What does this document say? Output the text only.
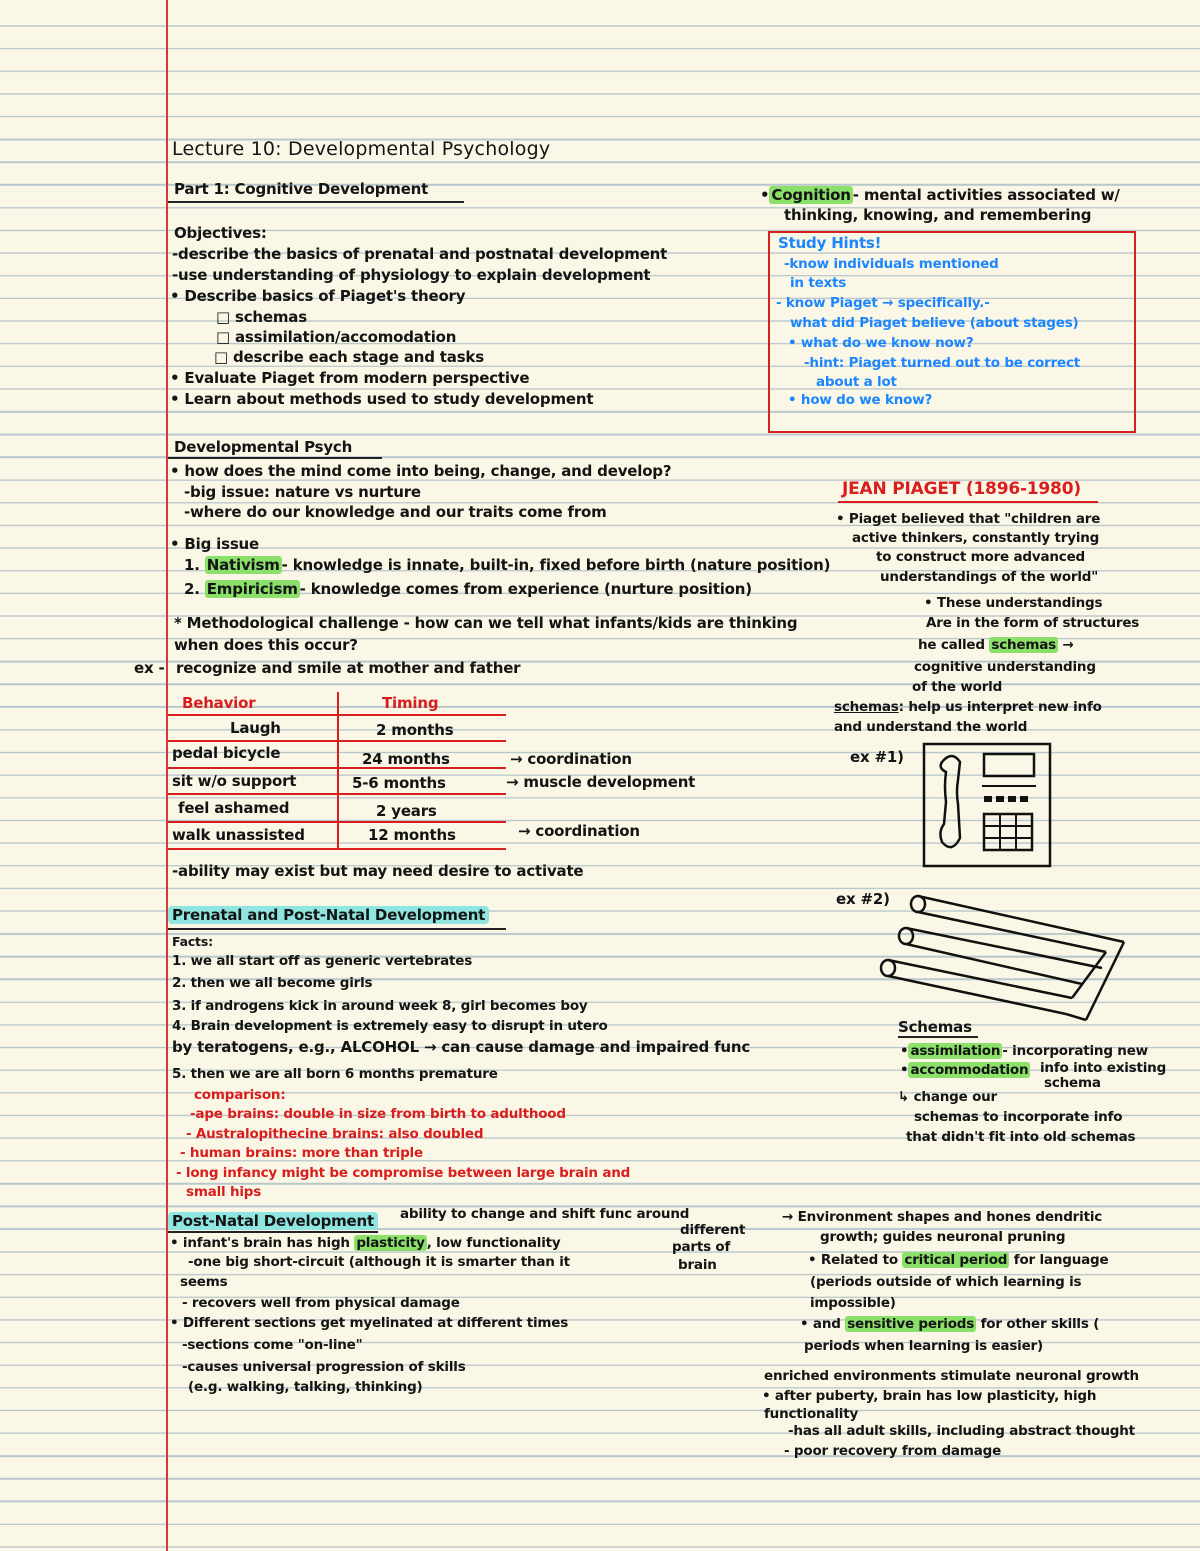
Lecture 10: Developmental Psychology
Part 1: Cognitive Development
Objectives:
-describe the basics of prenatal and postnatal development
-use understanding of physiology to explain development
• Describe basics of Piaget's theory
□ schemas
□ assimilation/accomodation
□ describe each stage and tasks
• Evaluate Piaget from modern perspective
• Learn about methods used to study development
Developmental Psych
• how does the mind come into being, change, and develop?
-big issue: nature vs nurture
-where do our knowledge and our traits come from
• Big issue
1. Nativism - knowledge is innate, built-in, fixed before birth (nature position)
2. Empiricism - knowledge comes from experience (nurture position)
* Methodological challenge - how can we tell what infants/kids are thinking
when does this occur?
ex - recognize and smile at mother and father
Behavior	Timing
Laugh	2 months
pedal bicycle	24 months	→ coordination
sit w/o support	5-6 months	→ muscle development
feel ashamed	2 years
walk unassisted	12 months	→ coordination
-ability may exist but may need desire to activate
Prenatal and Post-Natal Development
Facts:
1. we all start off as generic vertebrates
2. then we all become girls
3. if androgens kick in around week 8, girl becomes boy
4. Brain development is extremely easy to disrupt in utero
by teratogens, e.g., ALCOHOL → can cause damage and impaired func
5. then we are all born 6 months premature
comparison:
-ape brains: double in size from birth to adulthood
- Australopithecine brains: also doubled
- human brains: more than triple
- long infancy might be compromise between large brain and
small hips
Post-Natal Development ability to change and shift func around
different
parts of
brain
• infant's brain has high plasticity , low functionality
-one big short-circuit (although it is smarter than it
seems
- recovers well from physical damage
• Different sections get myelinated at different times
-sections come "on-line"
-causes universal progression of skills
(e.g. walking, talking, thinking)
• Cognition - mental activities associated w/
thinking, knowing, and remembering
Study Hints!
-know individuals mentioned
in texts
- know Piaget → specifically.-
what did Piaget believe (about stages)
• what do we know now?
-hint: Piaget turned out to be correct
about a lot
• how do we know?
JEAN PIAGET (1896-1980)
• Piaget believed that "children are
active thinkers, constantly trying
to construct more advanced
understandings of the world"
• These understandings
Are in the form of structures
he called schemas →
cognitive understanding
of the world
schemas: help us interpret new info
and understand the world
ex #1)
ex #2)
Schemas
• assimilation - incorporating new
• accommodation info into existing
schema
↳ change our
schemas to incorporate info
that didn't fit into old schemas
→ Environment shapes and hones dendritic
growth; guides neuronal pruning
• Related to critical period for language
(periods outside of which learning is
impossible)
• and sensitive periods for other skills (
periods when learning is easier)
enriched environments stimulate neuronal growth
• after puberty, brain has low plasticity, high
functionality
-has all adult skills, including abstract thought
- poor recovery from damage
